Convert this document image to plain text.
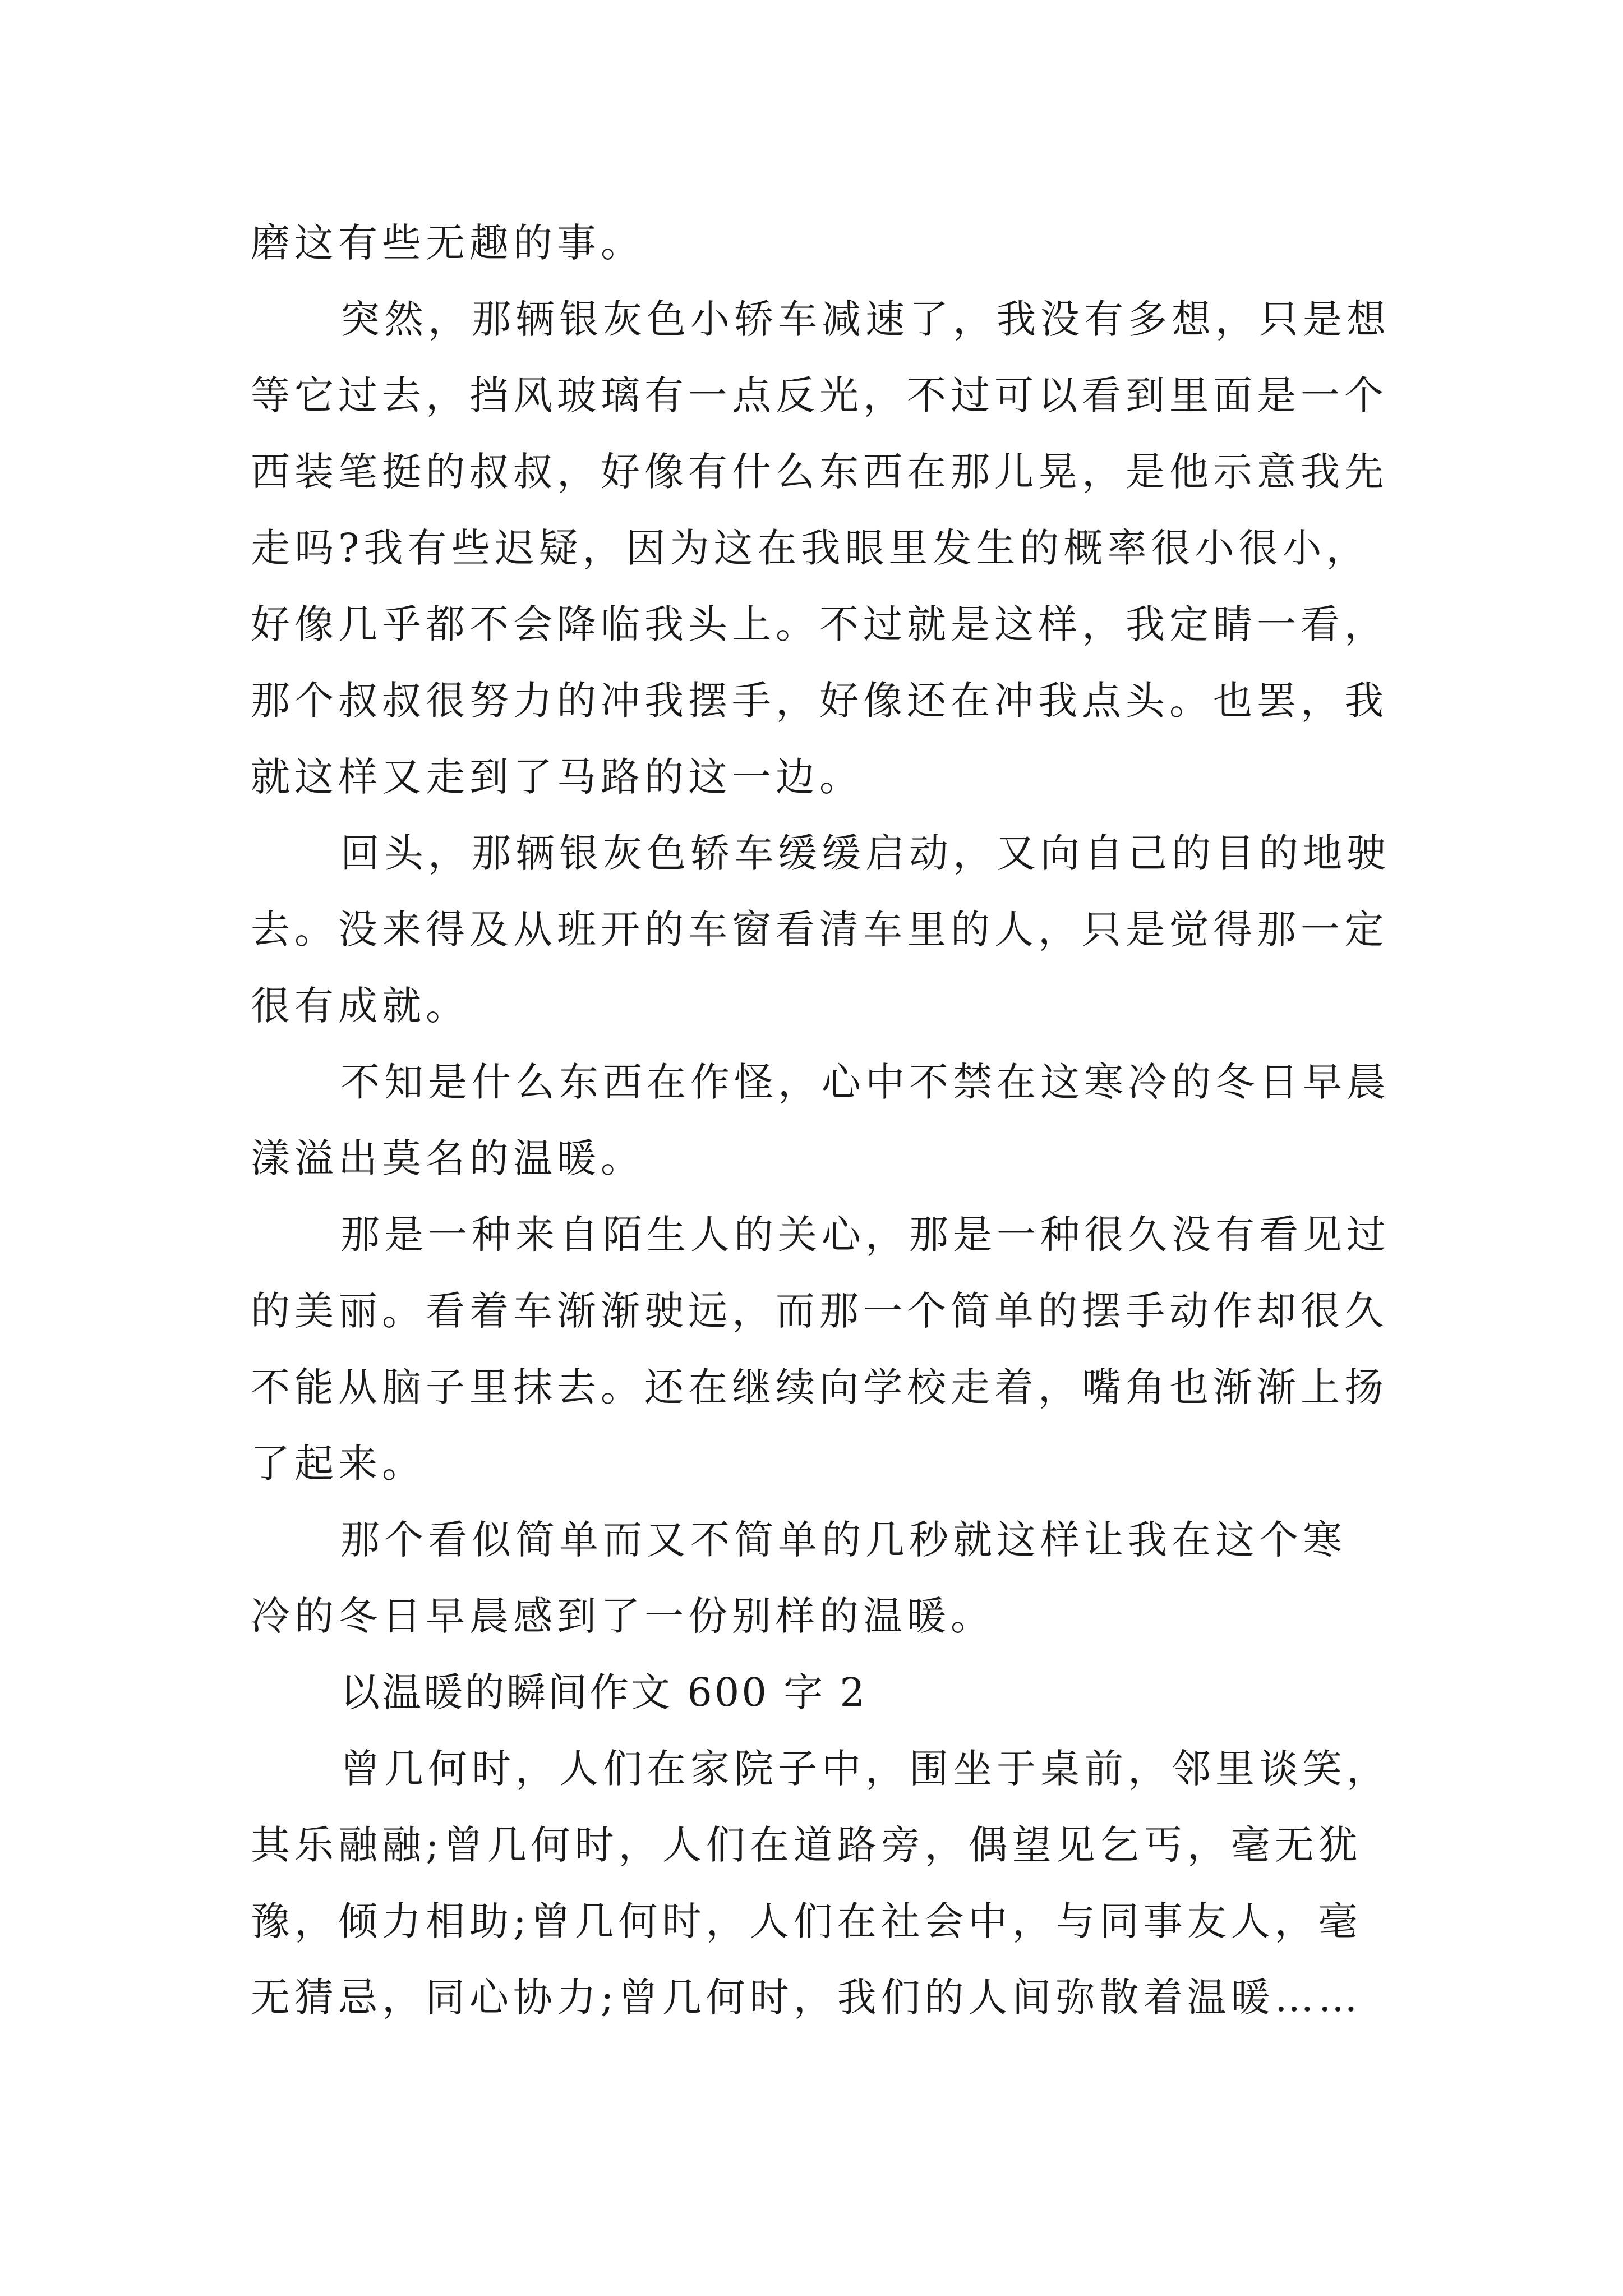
磨这有些无趣的事。
突然，那辆银灰色小轿车减速了，我没有多想，只是想
等它过去，挡风玻璃有一点反光，不过可以看到里面是一个
西装笔挺的叔叔，好像有什么东西在那儿晃，是他示意我先
走吗?我有些迟疑，因为这在我眼里发生的概率很小很小，
好像几乎都不会降临我头上。不过就是这样，我定睛一看，
那个叔叔很努力的冲我摆手，好像还在冲我点头。也罢，我
就这样又走到了马路的这一边。
回头，那辆银灰色轿车缓缓启动，又向自己的目的地驶
去。没来得及从班开的车窗看清车里的人，只是觉得那一定
很有成就。
不知是什么东西在作怪，心中不禁在这寒冷的冬日早晨
漾溢出莫名的温暖。
那是一种来自陌生人的关心，那是一种很久没有看见过
的美丽。看着车渐渐驶远，而那一个简单的摆手动作却很久
不能从脑子里抹去。还在继续向学校走着，嘴角也渐渐上扬
了起来。
那个看似简单而又不简单的几秒就这样让我在这个寒
冷的冬日早晨感到了一份别样的温暖。
以温暖的瞬间作文 600 字 2
曾几何时，人们在家院子中，围坐于桌前，邻里谈笑，
其乐融融;曾几何时，人们在道路旁，偶望见乞丐，毫无犹
豫，倾力相助;曾几何时，人们在社会中，与同事友人，毫
无猜忌，同心协力;曾几何时，我们的人间弥散着温暖……
